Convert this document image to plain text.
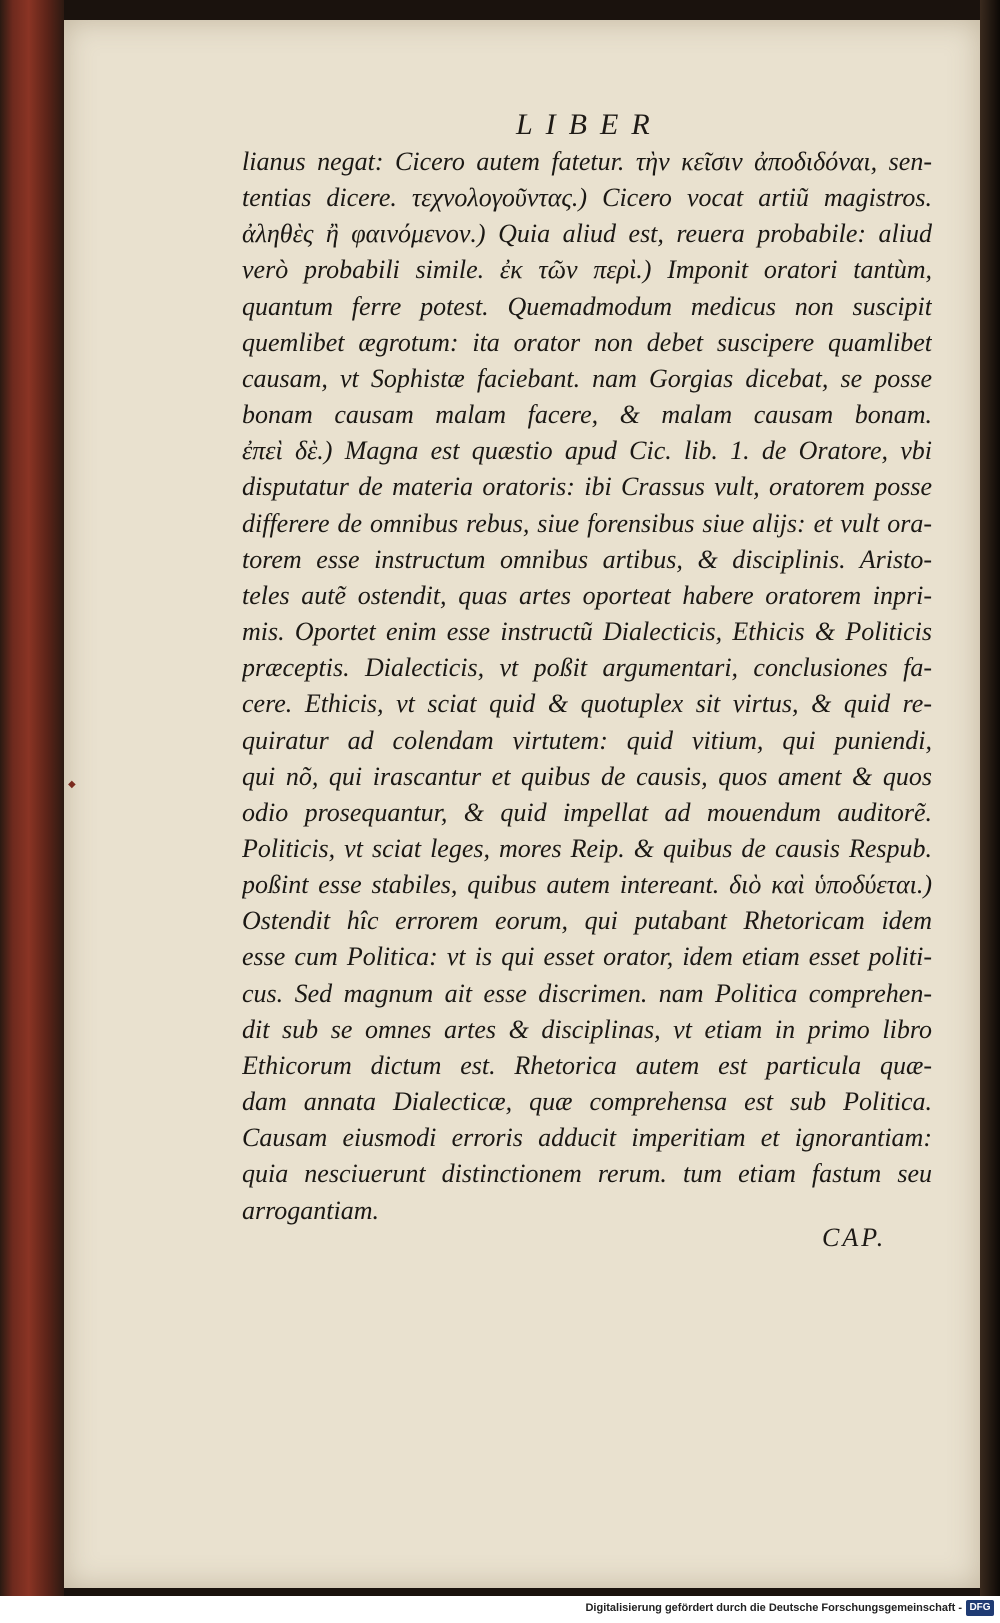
◆
LIBER
lianus negat: Cicero autem fatetur. τὴν κεῖσιν ἀποδιδόναι, sen-
tentias dicere. τεχνολογοῦντας.) Cicero vocat artiũ magistros.
ἀληθὲς ἢ φαινόμενον.) Quia aliud est, reuera probabile: aliud
verò probabili simile. ἐκ τῶν περὶ.) Imponit oratori tantùm,
quantum ferre potest. Quemadmodum medicus non suscipit
quemlibet ægrotum: ita orator non debet suscipere quamlibet
causam, vt Sophistæ faciebant. nam Gorgias dicebat, se posse
bonam causam malam facere, & malam causam bonam.
ἐπεὶ δὲ.) Magna est quæstio apud Cic. lib. 1. de Oratore, vbi
disputatur de materia oratoris: ibi Crassus vult, oratorem posse
differere de omnibus rebus, siue forensibus siue alijs: et vult ora-
torem esse instructum omnibus artibus, & disciplinis. Aristo-
teles autẽ ostendit, quas artes oporteat habere oratorem inpri-
mis. Oportet enim esse instructũ Dialecticis, Ethicis & Politicis
præceptis. Dialecticis, vt poßit argumentari, conclusiones fa-
cere. Ethicis, vt sciat quid & quotuplex sit virtus, & quid re-
quiratur ad colendam virtutem: quid vitium, qui puniendi,
qui nõ, qui irascantur et quibus de causis, quos ament & quos
odio prosequantur, & quid impellat ad mouendum auditorẽ.
Politicis, vt sciat leges, mores Reip. & quibus de causis Respub.
poßint esse stabiles, quibus autem intereant. διὸ καὶ ὑποδύεται.)
Ostendit hîc errorem eorum, qui putabant Rhetoricam idem
esse cum Politica: vt is qui esset orator, idem etiam esset politi-
cus. Sed magnum ait esse discrimen. nam Politica comprehen-
dit sub se omnes artes & disciplinas, vt etiam in primo libro
Ethicorum dictum est. Rhetorica autem est particula quæ-
dam annata Dialecticæ, quæ comprehensa est sub Politica.
Causam eiusmodi erroris adducit imperitiam et ignorantiam:
quia nesciuerunt distinctionem rerum. tum etiam fastum seu
arrogantiam.
CAP.
Digitalisierung gefördert durch die Deutsche Forschungsgemeinschaft - DFG
